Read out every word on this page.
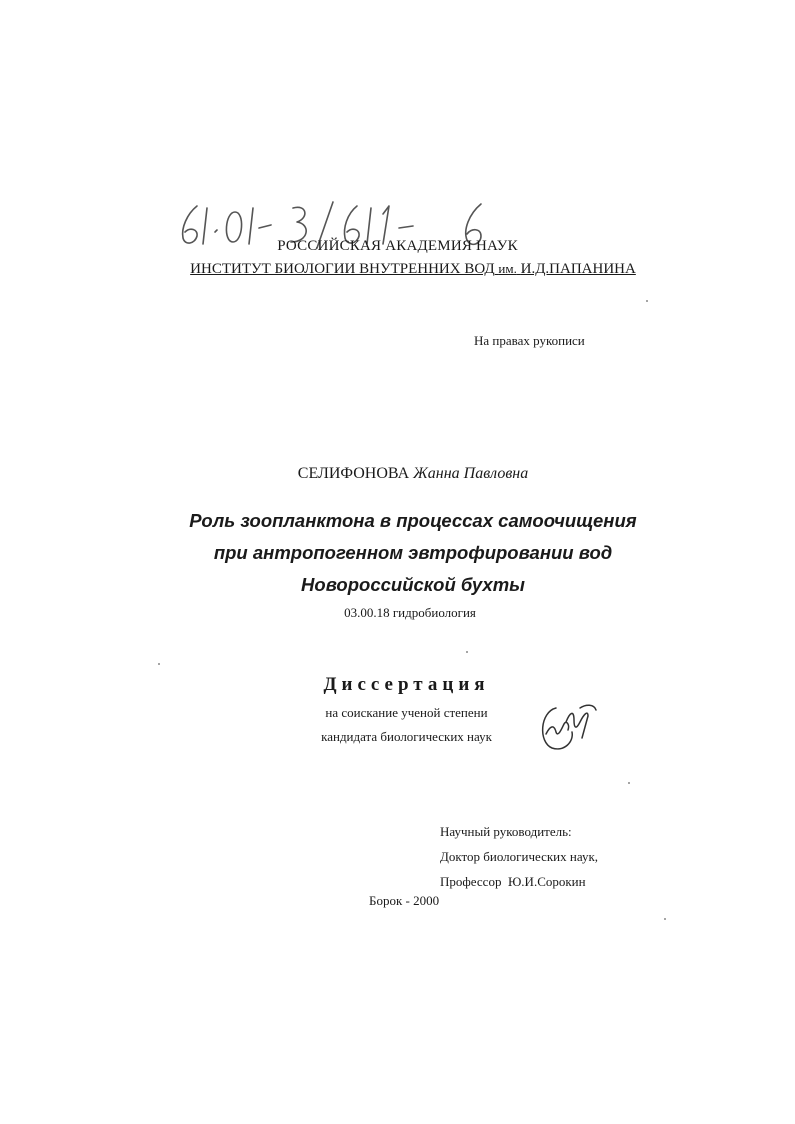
РОССИЙСКАЯ АКАДЕМИЯ НАУК
ИНСТИТУТ БИОЛОГИИ ВНУТРЕННИХ ВОД им. И.Д.ПАПАНИНА
На правах рукописи
СЕЛИФОНОВА Жанна Павловна
Роль зоопланктона в процессах самоочищения
при антропогенном эвтрофировании вод
Новороссийской бухты
03.00.18 гидробиология
Диссертация
на соискание ученой степени
кандидата биологических наук
Научный руководитель:
Доктор биологических наук,
Профессор  Ю.И.Сорокин
Борок - 2000
